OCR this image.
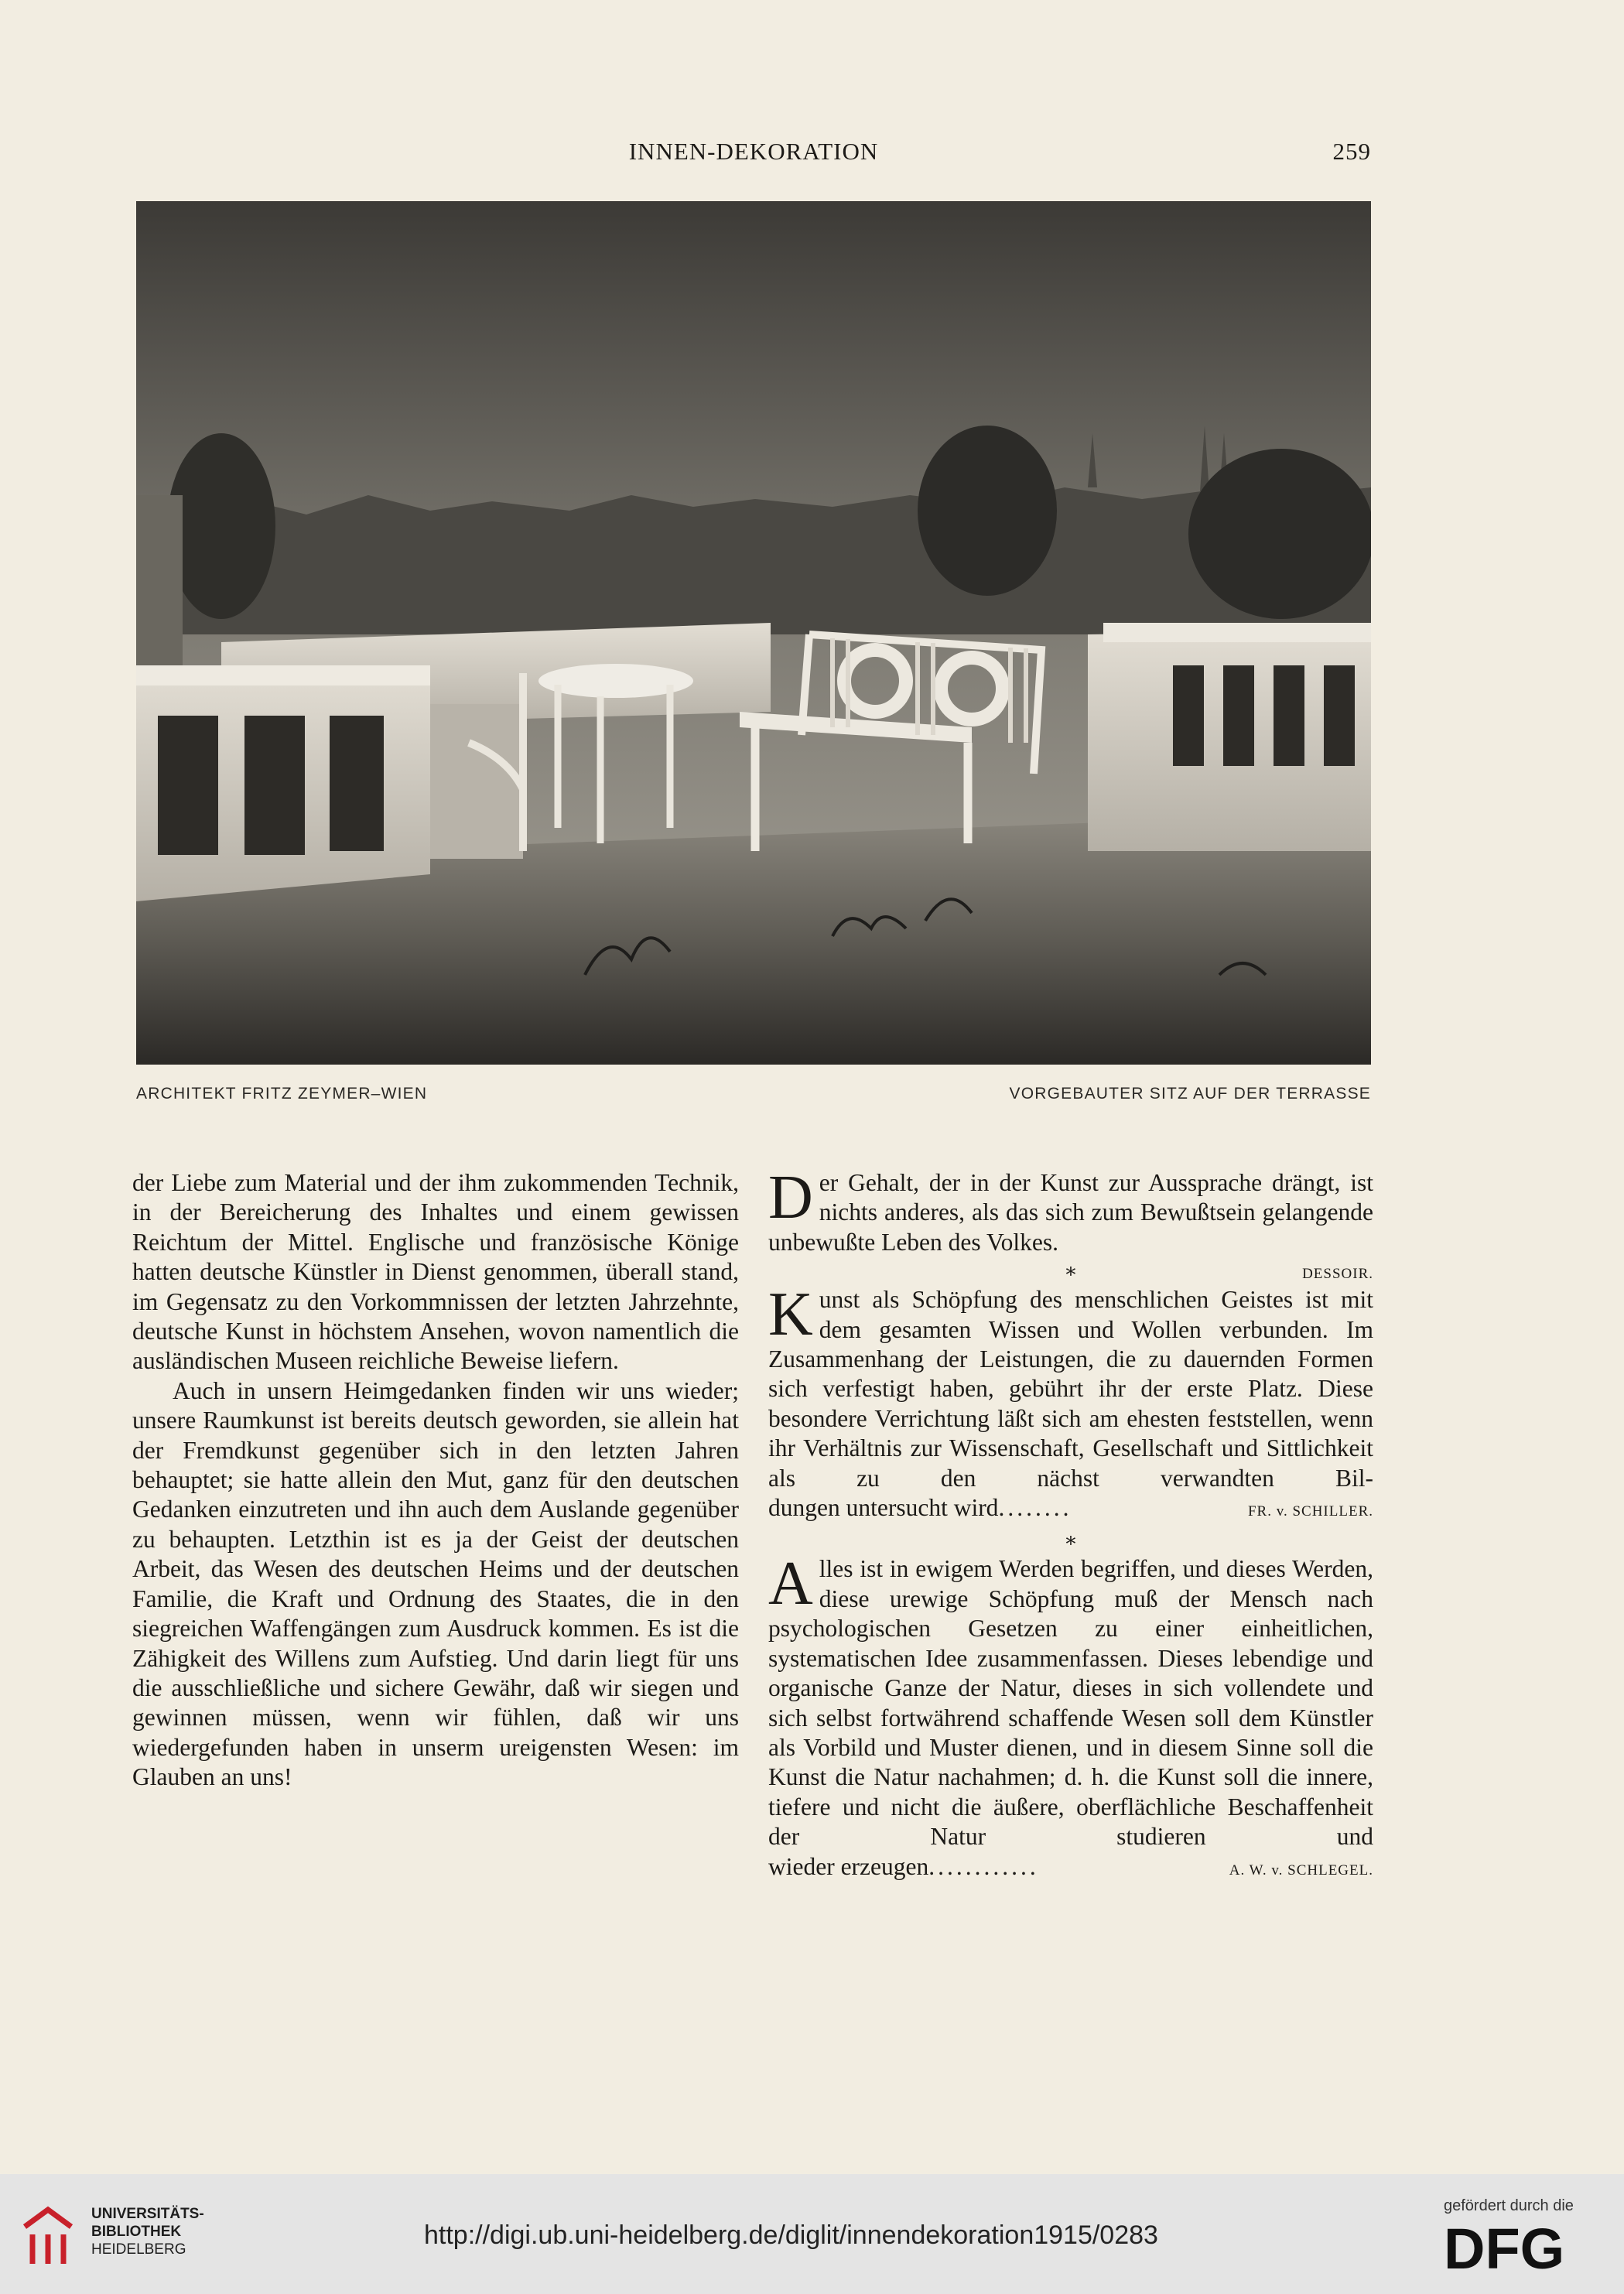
INNEN-DEKORATION	259
ARCHITEKT FRITZ ZEYMER–WIEN	VORGEBAUTER SITZ AUF DER TERRASSE

der Liebe zum Material und der ihm zukommenden Technik, in der Bereicherung des Inhaltes und einem gewissen Reichtum der Mittel. Englische und französische Könige hatten deutsche Künstler in Dienst genommen, überall stand, im Gegensatz zu den Vorkommnissen der letzten Jahrzehnte, deutsche Kunst in höchstem Ansehen, wovon namentlich die ausländischen Museen reichliche Beweise liefern.

Auch in unsern Heimgedanken finden wir uns wieder; unsere Raumkunst ist bereits deutsch geworden, sie allein hat der Fremdkunst gegenüber sich in den letzten Jahren behauptet; sie hatte allein den Mut, ganz für den deutschen Gedanken einzutreten und ihn auch dem Auslande gegenüber zu behaupten. Letzthin ist es ja der Geist der deutschen Arbeit, das Wesen des deutschen Heims und der deutschen Familie, die Kraft und Ordnung des Staates, die in den siegreichen Waffengängen zum Ausdruck kommen. Es ist die Zähigkeit des Willens zum Aufstieg. Und darin liegt für uns die ausschließliche und sichere Gewähr, daß wir siegen und gewinnen müssen, wenn wir fühlen, daß wir uns wiedergefunden haben in unserm ureigensten Wesen: im Glauben an uns!

D er Gehalt, der in der Kunst zur Aussprache drängt, ist nichts anderes, als das sich zum Bewußtsein gelangende unbewußte Leben des Volkes.

∗	DESSOIR.
K unst als Schöpfung des menschlichen Geistes ist mit dem gesamten Wissen und Wollen verbunden. Im Zusammenhang der Leistungen, die zu dauernden Formen sich verfestigt haben, gebührt ihr der erste Platz. Diese besondere Verrichtung läßt sich am ehesten feststellen, wenn ihr Verhältnis zur Wissenschaft, Gesellschaft und Sittlichkeit als zu den nächst verwandten Bil-

dungen untersucht wird ........	FR. v. SCHILLER.
∗
A lles ist in ewigem Werden begriffen, und dieses Werden, diese urewige Schöpfung muß der Mensch nach psychologischen Gesetzen zu einer einheitlichen, systematischen Idee zusammenfassen. Dieses lebendige und organische Ganze der Natur, dieses in sich vollendete und sich selbst fortwährend schaffende Wesen soll dem Künstler als Vorbild und Muster dienen, und in diesem Sinne soll die Kunst die Natur nachahmen; d. h. die Kunst soll die innere, tiefere und nicht die äußere, oberflächliche Beschaffenheit der Natur studieren und

wieder erzeugen ............	A. W. v. SCHLEGEL.
UNIVERSITÄTS-
BIBLIOTHEK
HEIDELBERG	http://digi.ub.uni-heidelberg.de/diglit/innendekoration1915/0283
gefördert durch die
DFG
